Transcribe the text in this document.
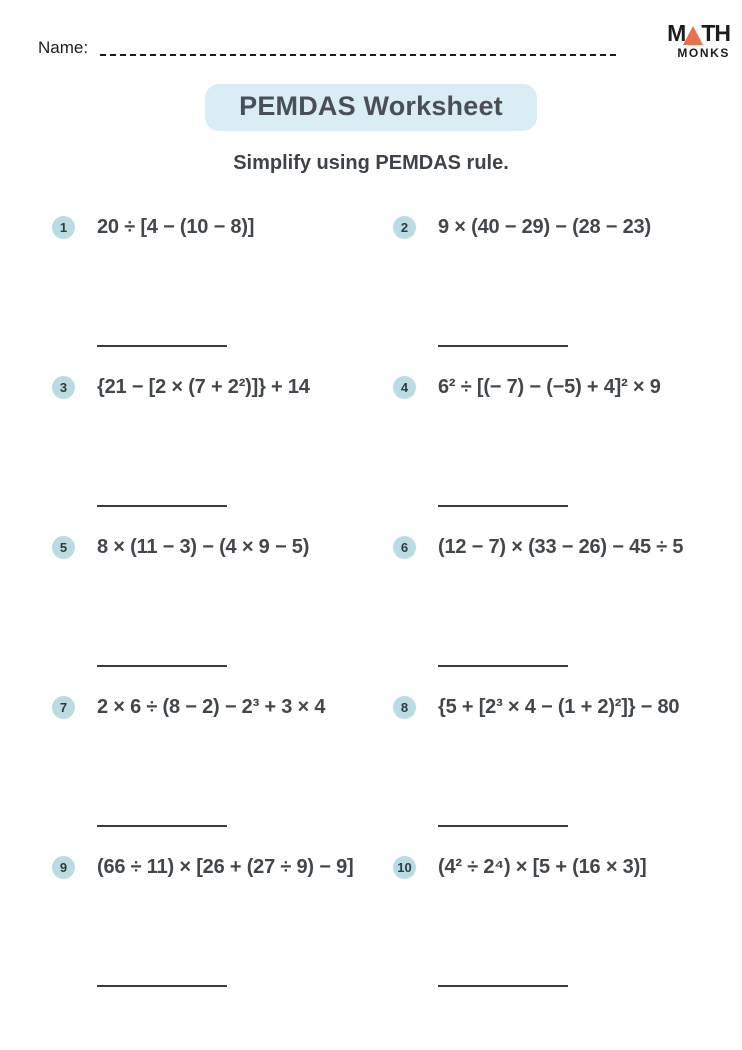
Name:
M TH
MONKS
PEMDAS Worksheet
Simplify using PEMDAS rule.
1	20 ÷ [4 − (10 − 8)]	2	9 × (40 − 29) − (28 − 23)
3	{21 − [2 × (7 + 2²)]} + 14	4	6² ÷ [(− 7) − (−5) + 4]² × 9
5	8 × (11 − 3) − (4 × 9 − 5)	6	(12 − 7) × (33 − 26) − 45 ÷ 5
7	2 × 6 ÷ (8 − 2) − 2³ + 3 × 4	8	{5 + [2³ × 4 − (1 + 2)²]} − 80
9	(66 ÷ 11) × [26 + (27 ÷ 9) − 9]	10 (4² ÷ 2⁴) × [5 + (16 × 3)]
